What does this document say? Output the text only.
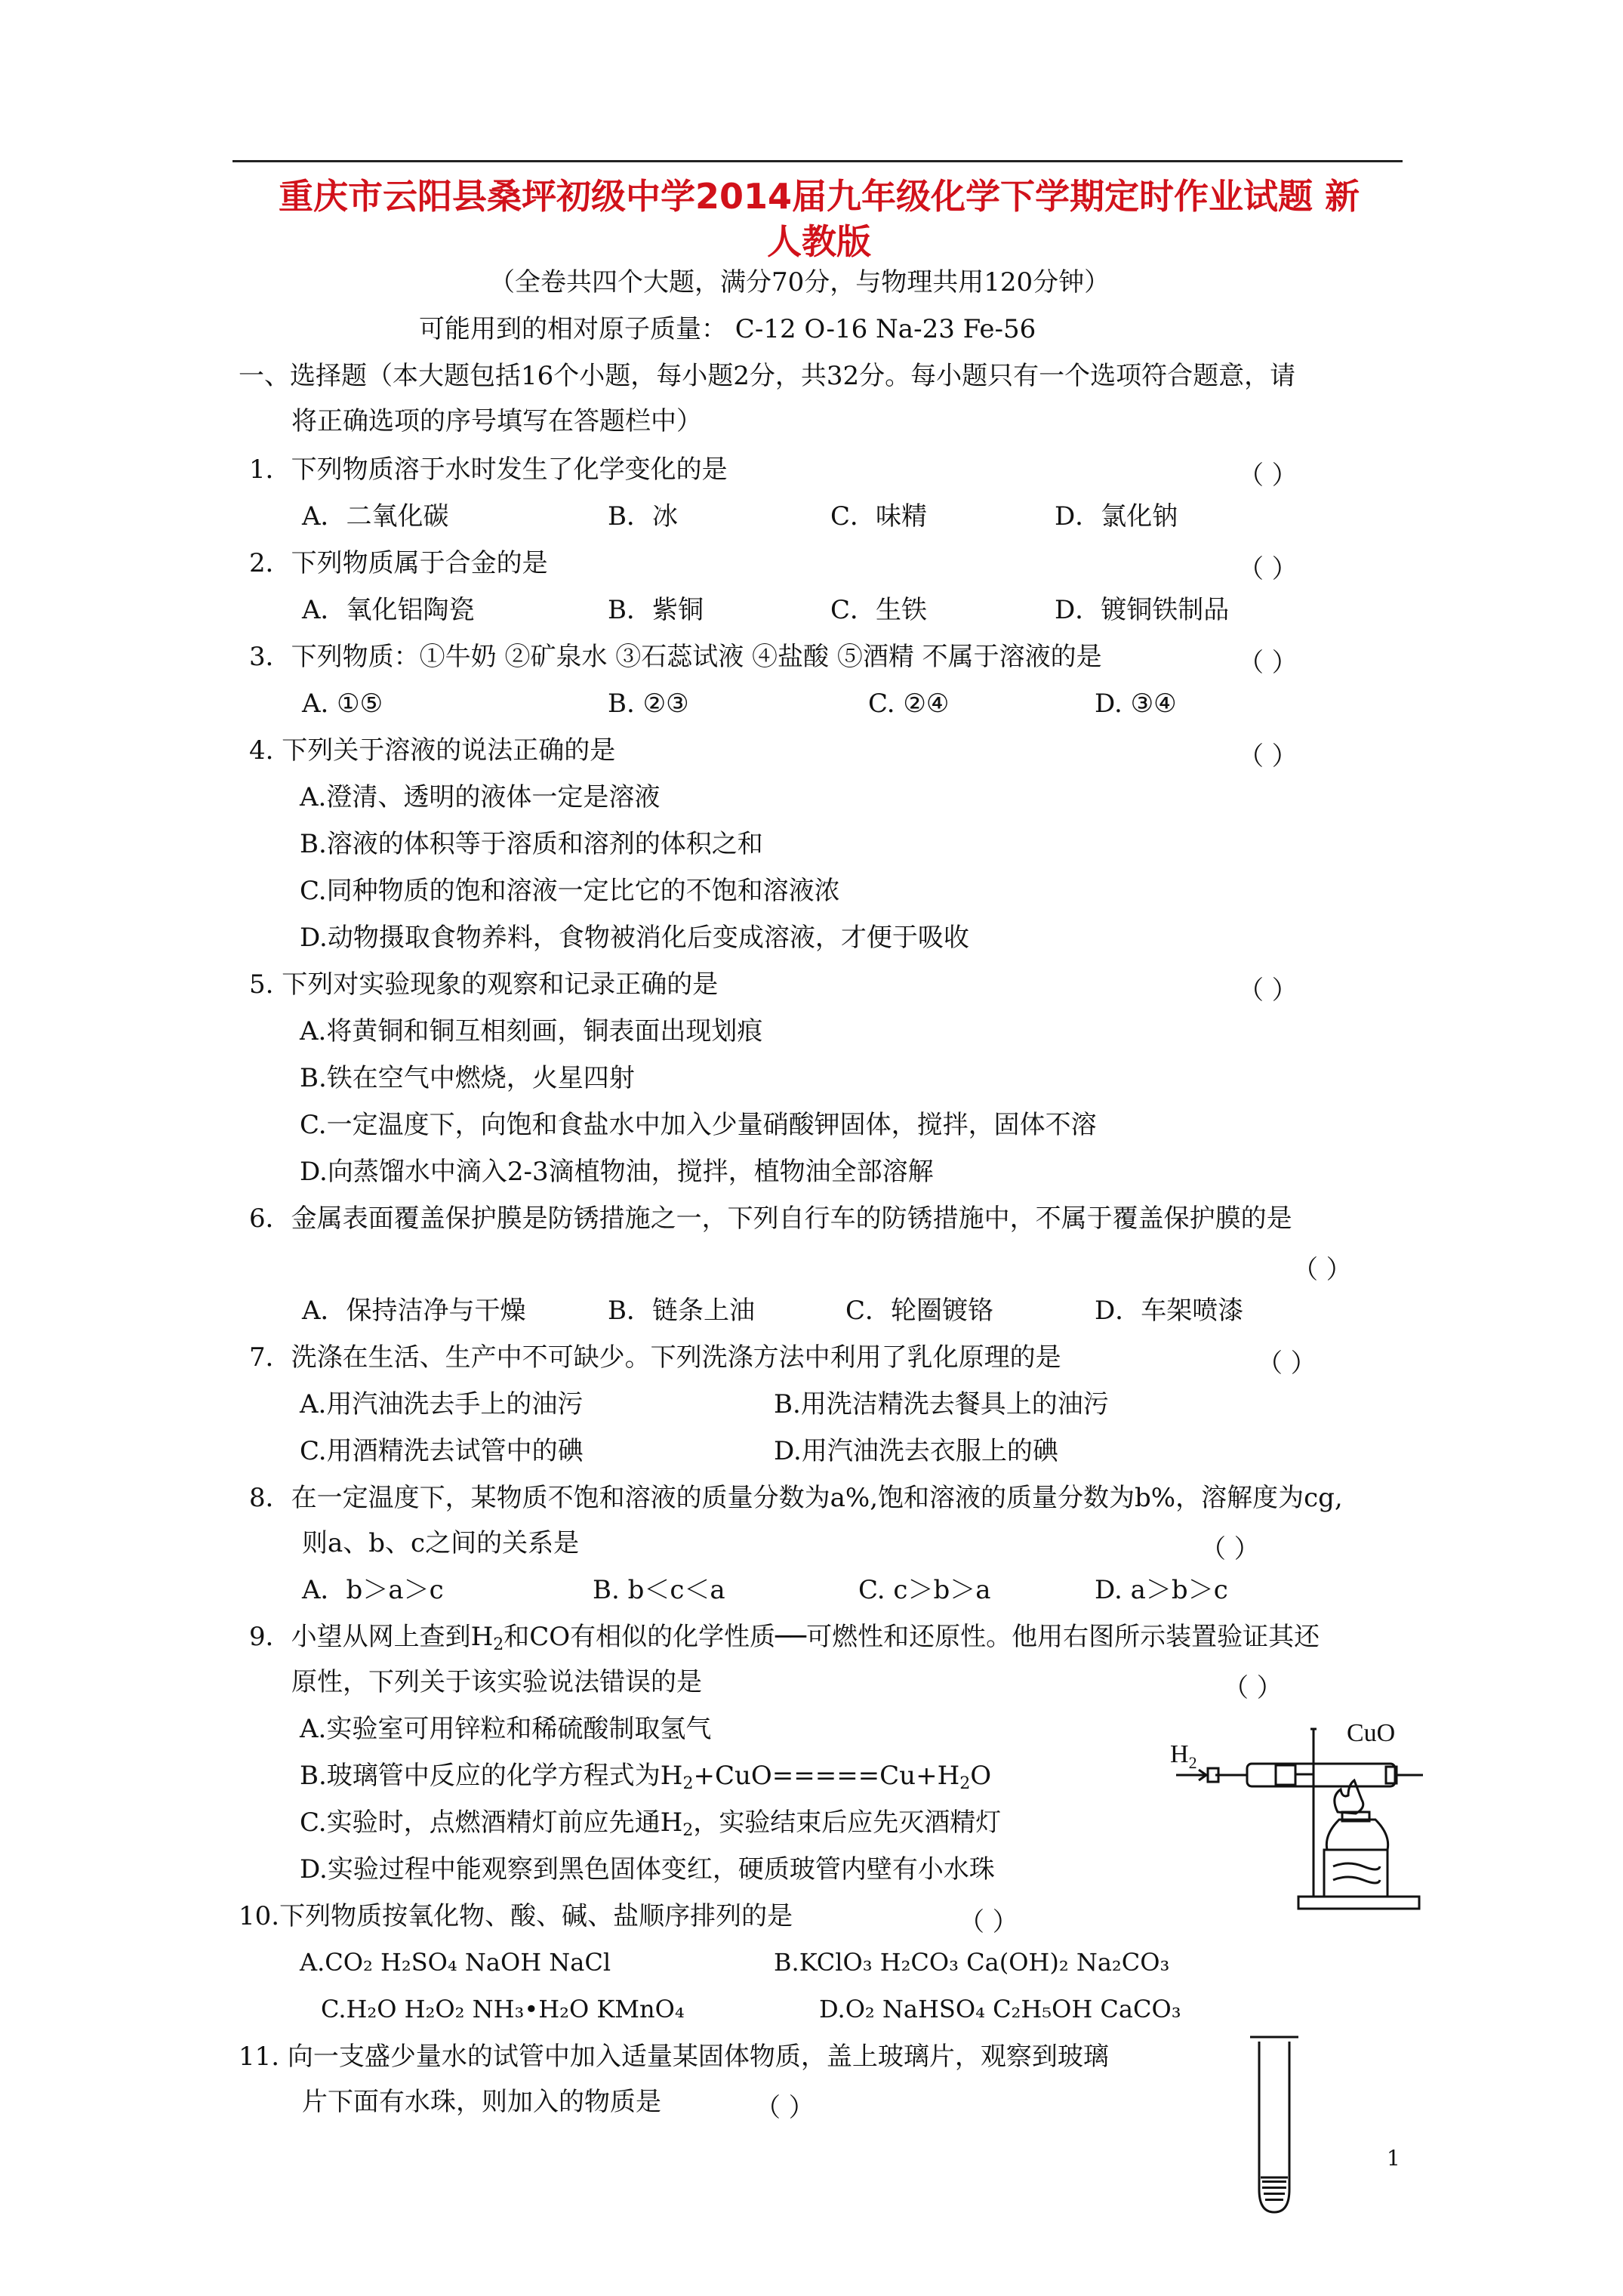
重庆市云阳县桑坪初级中学2014届九年级化学下学期定时作业试题 新
人教版
（全卷共四个大题，满分70分，与物理共用120分钟）
可能用到的相对原子质量： C-12 O-16 Na-23 Fe-56
一、选择题（本大题包括16个小题，每小题2分，共32分。每小题只有一个选项符合题意，请
将正确选项的序号填写在答题栏中）
1．下列物质溶于水时发生了化学变化的是	（ ）
A．二氧化碳	B．冰	C．味精	D．氯化钠
2．下列物质属于合金的是	（ ）
A．氧化铝陶瓷	B．紫铜	C．生铁	D．镀铜铁制品
3．下列物质：①牛奶 ②矿泉水 ③石蕊试液 ④盐酸 ⑤酒精 不属于溶液的是	（ ）
A. ①⑤	B. ②③	C. ②④	D. ③④
4. 下列关于溶液的说法正确的是	（ ）
A.澄清、透明的液体一定是溶液
B.溶液的体积等于溶质和溶剂的体积之和
C.同种物质的饱和溶液一定比它的不饱和溶液浓
D.动物摄取食物养料，食物被消化后变成溶液，才便于吸收
5. 下列对实验现象的观察和记录正确的是	（ ）
A.将黄铜和铜互相刻画，铜表面出现划痕
B.铁在空气中燃烧，火星四射
C.一定温度下，向饱和食盐水中加入少量硝酸钾固体，搅拌，固体不溶
D.向蒸馏水中滴入2-3滴植物油，搅拌，植物油全部溶解
6．金属表面覆盖保护膜是防锈措施之一，下列自行车的防锈措施中，不属于覆盖保护膜的是
（ ）
A．保持洁净与干燥	B．链条上油	C．轮圈镀铬	D．车架喷漆
7．洗涤在生活、生产中不可缺少。下列洗涤方法中利用了乳化原理的是	（ ）
A.用汽油洗去手上的油污	B.用洗洁精洗去餐具上的油污
C.用酒精洗去试管中的碘	D.用汽油洗去衣服上的碘
8．在一定温度下，某物质不饱和溶液的质量分数为a%,饱和溶液的质量分数为b%，溶解度为cg,
则a、b、c之间的关系是	（ ）
A．b＞a＞c	B. b＜c＜a	C. c＞b＞a	D. a＞b＞c
9．小望从网上查到$H_2$和CO有相似的化学性质──可燃性和还原性。他用右图所示装置验证其还
原性，下列关于该实验说法错误的是	（ ）
A.实验室可用锌粒和稀硫酸制取氢气
B.玻璃管中反应的化学方程式为$H_2+CuO=====Cu+H_2O$
C.实验时，点燃酒精灯前应先通$H_2$，实验结束后应先灭酒精灯
D.实验过程中能观察到黑色固体变红，硬质玻管内壁有小水珠
CuO
$H_2$
10.下列物质按氧化物、酸、碱、盐顺序排列的是	（ ）
A.CO₂ H₂SO₄ NaOH NaCl	B.KClO₃ H₂CO₃ Ca(OH)₂ Na₂CO₃
C.H₂O H₂O₂ NH₃•H₂O KMnO₄	D.O₂ NaHSO₄ C₂H₅OH CaCO₃
11. 向一支盛少量水的试管中加入适量某固体物质，盖上玻璃片，观察到玻璃
片下面有水珠，则加入的物质是	（ ）
1
